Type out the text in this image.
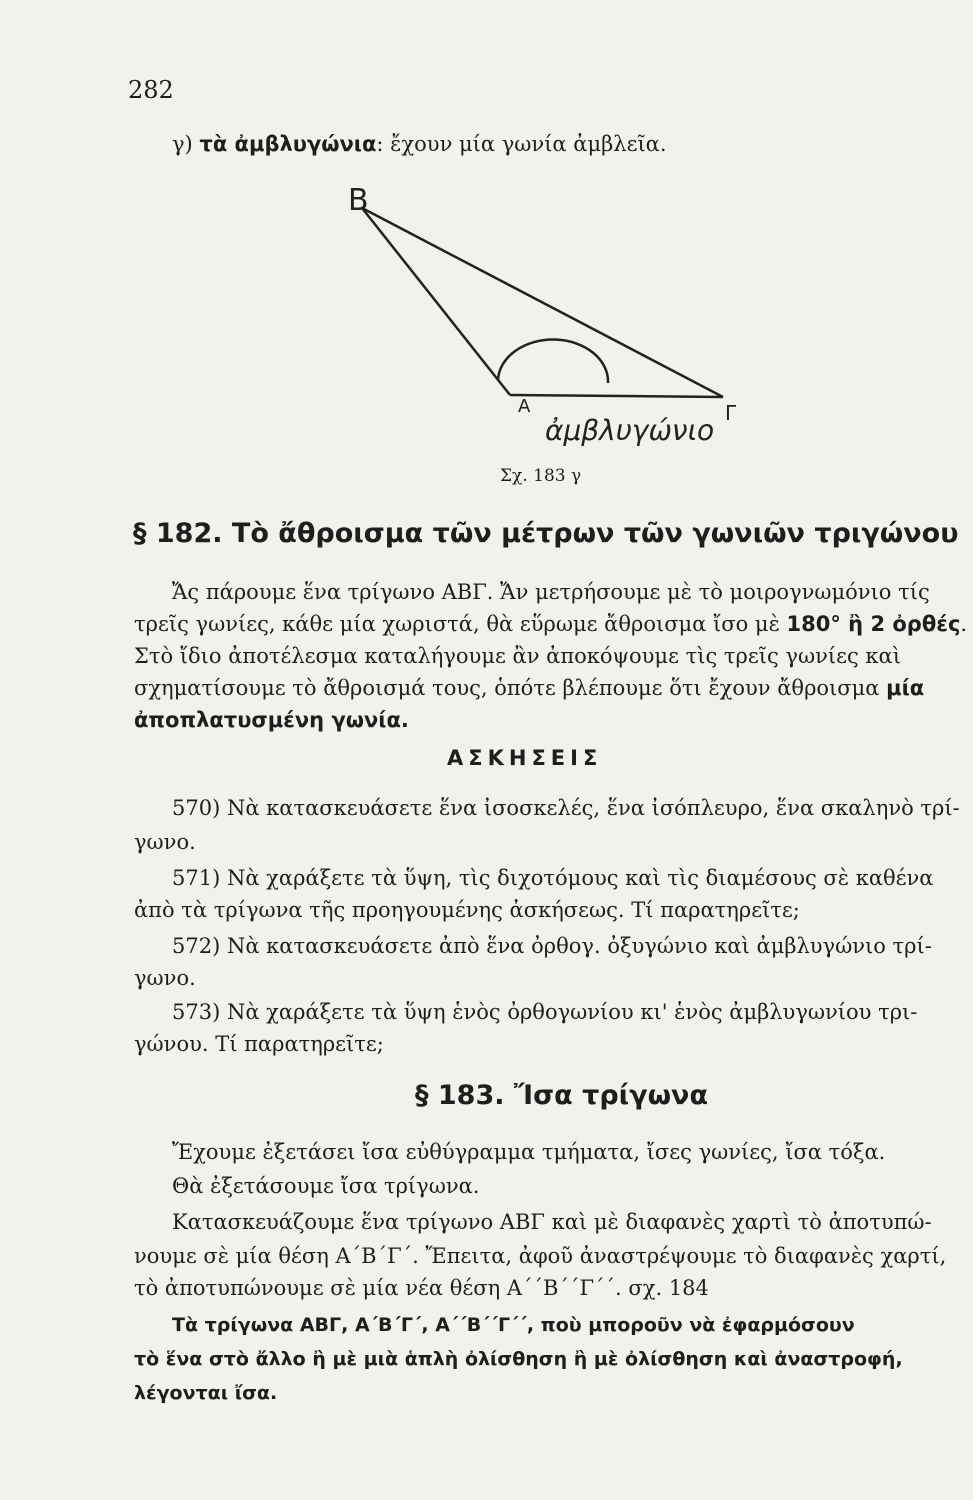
282
γ) τὰ ἀμβλυγώνια: ἔχουν μία γωνία ἀμβλεῖα.
Β
Α	Γ
ἀμβλυγώνιο
Σχ. 183 γ
§ 182. Τὸ ἄθροισμα τῶν μέτρων τῶν γωνιῶν τριγώνου
Ἄς πάρουμε ἕνα τρίγωνο ΑΒΓ. Ἄν μετρήσουμε μὲ τὸ μοιρογνωμόνιο τίς
τρεῖς γωνίες, κάθε μία χωριστά, θὰ εὕρωμε ἄθροισμα ἴσο μὲ 180° ἢ 2 ὀρθές.
Στὸ ἴδιο ἀποτέλεσμα καταλήγουμε ἂν ἀποκόψουμε τὶς τρεῖς γωνίες καὶ
σχηματίσουμε τὸ ἄθροισμά τους, ὁπότε βλέπουμε ὅτι ἔχουν ἄθροισμα μία
ἀποπλατυσμένη γωνία.
ΑΣΚΗΣΕΙΣ
570) Νὰ κατασκευάσετε ἕνα ἰσοσκελές, ἕνα ἰσόπλευρο, ἕνα σκαληνὸ τρί-
γωνο.
571) Νὰ χαράξετε τὰ ὕψη, τὶς διχοτόμους καὶ τὶς διαμέσους σὲ καθένα
ἀπὸ τὰ τρίγωνα τῆς προηγουμένης ἀσκήσεως. Τί παρατηρεῖτε;
572) Νὰ κατασκευάσετε ἀπὸ ἕνα ὀρθογ. ὀξυγώνιο καὶ ἀμβλυγώνιο τρί-
γωνο.
573) Νὰ χαράξετε τὰ ὕψη ἑνὸς ὀρθογωνίου κι' ἑνὸς ἀμβλυγωνίου τρι-
γώνου. Τί παρατηρεῖτε;
§ 183. Ἴσα τρίγωνα
Ἔχουμε ἐξετάσει ἴσα εὐθύγραμμα τμήματα, ἴσες γωνίες, ἴσα τόξα.
Θὰ ἐξετάσουμε ἴσα τρίγωνα.
Κατασκευάζουμε ἕνα τρίγωνο ΑΒΓ καὶ μὲ διαφανὲς χαρτὶ τὸ ἀποτυπώ-
νουμε σὲ μία θέση Α΄Β΄Γ΄. Ἔπειτα, ἀφοῦ ἀναστρέψουμε τὸ διαφανὲς χαρτί,
τὸ ἀποτυπώνουμε σὲ μία νέα θέση Α΄΄Β΄΄Γ΄΄. σχ. 184
Τὰ τρίγωνα ΑΒΓ, Α΄Β΄Γ΄, Α΄΄Β΄΄Γ΄΄, ποὺ μποροῦν νὰ ἐφαρμόσουν
τὸ ἕνα στὸ ἄλλο ἢ μὲ μιὰ ἁπλὴ ὀλίσθηση ἢ μὲ ὀλίσθηση καὶ ἀναστροφή,
λέγονται ἴσα.
